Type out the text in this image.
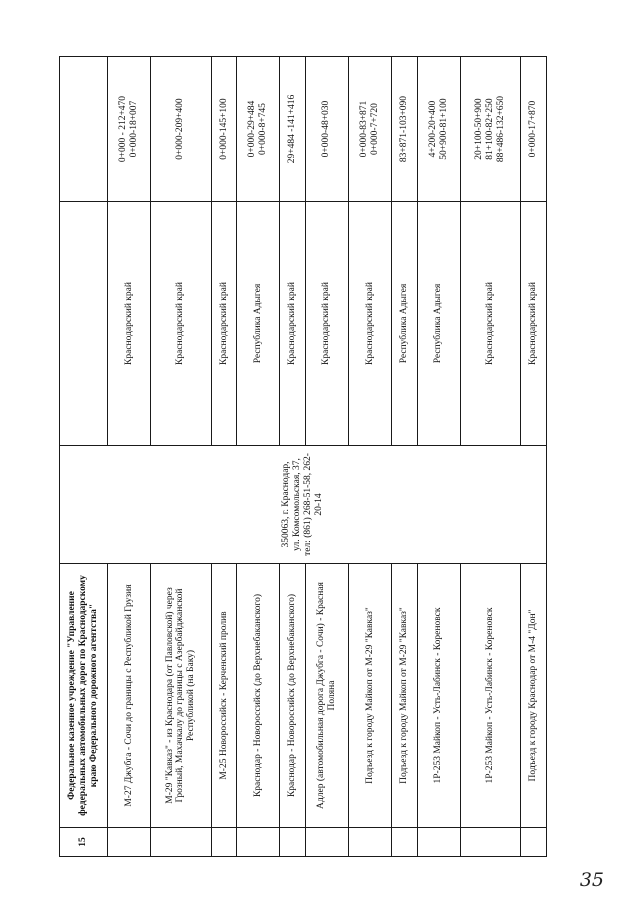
15	Федеральное казенное учреждение "Управление федеральных автомобильных дорог по Краснодарскому краю Федерального дорожного агентства"	350063, г. Краснодар, ул. Комсомольская, 37, тел: (861) 268-51-58, 262-20-14		

	М-27 Джубга - Сочи до границы с Республикой Грузия		Краснодарский край	0+000 - 212+470 0+000-18+007

	М-29 "Кавказ" - из Краснодара (от Павловской) через Грозный, Махачкалу до границы с Азербайджанской Республикой (на Баку)		Краснодарский край	0+000-209+400

	М-25 Новороссийск - Керченский пролив		Краснодарский край	0+000-145+100

	Краснодар - Новороссийск (до Верхнебаканского)		Республика Адыгея	0+000-29+484 0+000-8+745

	Краснодар - Новороссийск (до Верхнебаканского)		Краснодарский край	29+484 -141+416

	Адлер (автомобильная дорога Джубга - Сочи) - Красная Поляна		Краснодарский край	0+000-48+030

	Подъезд к городу Майкоп от М-29 "Кавказ"		Краснодарский край	0+000-83+871 0+000-7+720

	Подъезд к городу Майкоп от М-29 "Кавказ"		Республика Адыгея	83+871-103+090

	1Р-253 Майкоп - Усть-Лабинск - Кореновск		Республика Адыгея	4+200-20+400 50+900-81+100

	1Р-253 Майкоп - Усть-Лабинск - Кореновск		Краснодарский край	20+100-50+900 81+100-82+250 88+486-132+650

	Подъезд к городу Краснодар от М-4 "Дон"		Краснодарский край	0+000-17+870
35
